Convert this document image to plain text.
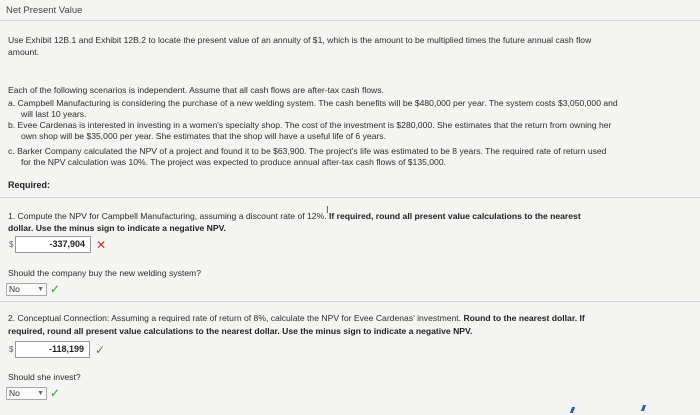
Net Present Value
Use Exhibit 12B.1 and Exhibit 12B.2 to locate the present value of an annuity of $1, which is the amount to be multiplied times the future annual cash flow
amount.
Each of the following scenarios is independent. Assume that all cash flows are after-tax cash flows.
a. Campbell Manufacturing is considering the purchase of a new welding system. The cash benefits will be $480,000 per year. The system costs $3,050,000 and
will last 10 years.
b. Evee Cardenas is interested in investing in a women's specialty shop. The cost of the investment is $280,000. She estimates that the return from owning her
own shop will be $35,000 per year. She estimates that the shop will have a useful life of 6 years.
c. Barker Company calculated the NPV of a project and found it to be $63,900. The project's life was estimated to be 8 years. The required rate of return used
for the NPV calculation was 10%. The project was expected to produce annual after-tax cash flows of $135,000.
Required:
1. Compute the NPV for Campbell Manufacturing, assuming a discount rate of 12%. If required, round all present value calculations to the nearest
dollar. Use the minus sign to indicate a negative NPV.
I
$	-337,904 ✕
Should the company buy the new welding system?
No ▼ ✓
2. Conceptual Connection: Assuming a required rate of return of 8%, calculate the NPV for Evee Cardenas' investment. Round to the nearest dollar. If
required, round all present value calculations to the nearest dollar. Use the minus sign to indicate a negative NPV.
$	-118,199 ✓
Should she invest?
No ▼ ✓
